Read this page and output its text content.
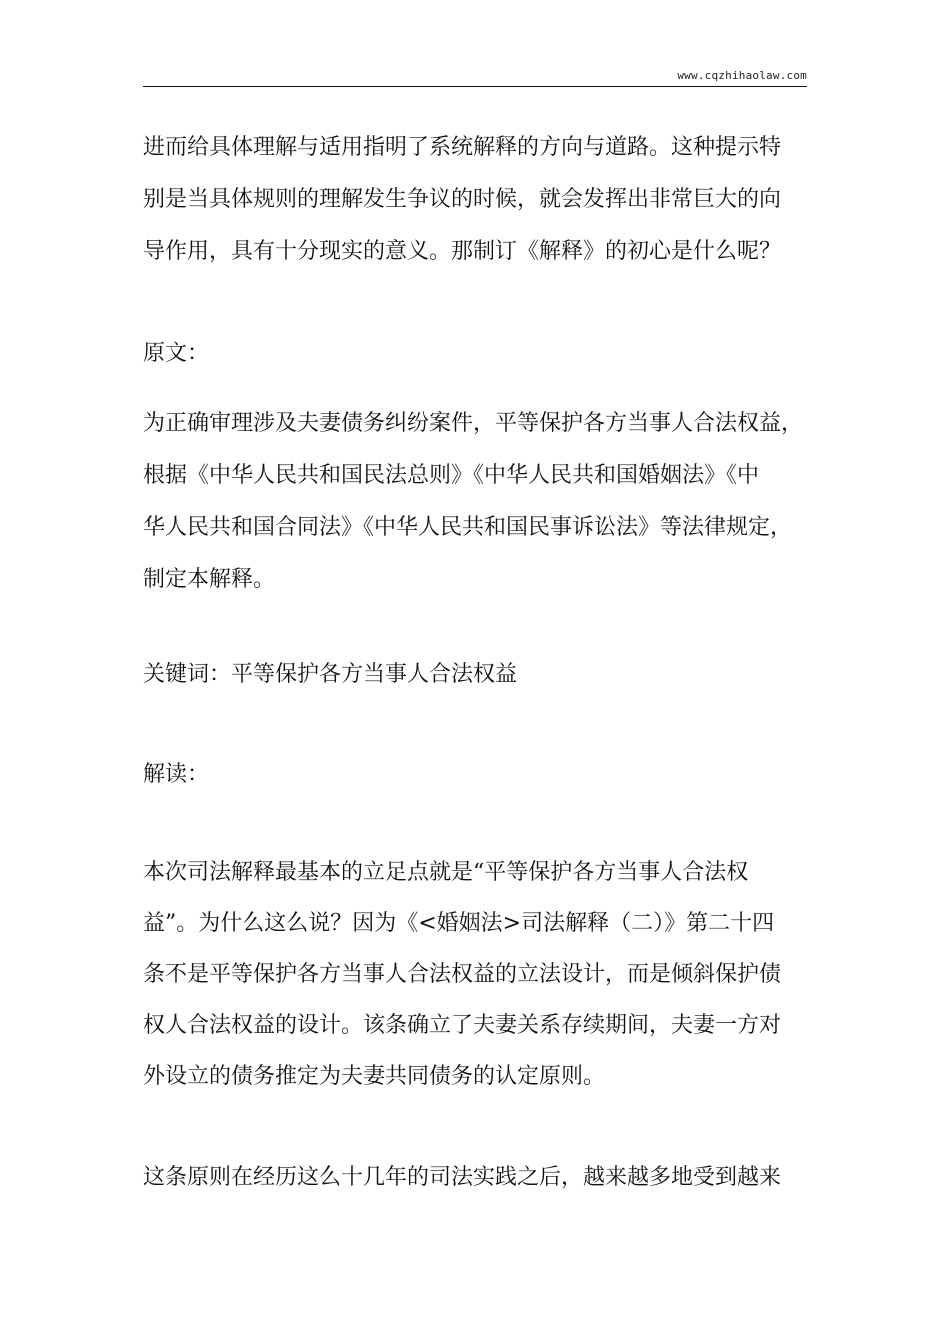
www.cqzhihaolaw.com
进而给具体理解与适用指明了系统解释的方向与道路。这种提示特
别是当具体规则的理解发生争议的时候，就会发挥出非常巨大的向
导作用，具有十分现实的意义。那制订《解释》的初心是什么呢？
原文：
为正确审理涉及夫妻债务纠纷案件，平等保护各方当事人合法权益，
根据《中华人民共和国民法总则》《中华人民共和国婚姻法》《中
华人民共和国合同法》《中华人民共和国民事诉讼法》等法律规定，
制定本解释。
关键词：平等保护各方当事人合法权益
解读：
本次司法解释最基本的立足点就是“平等保护各方当事人合法权
益”。为什么这么说？因为《<婚姻法>司法解释（二）》第二十四
条不是平等保护各方当事人合法权益的立法设计，而是倾斜保护债
权人合法权益的设计。该条确立了夫妻关系存续期间，夫妻一方对
外设立的债务推定为夫妻共同债务的认定原则。
这条原则在经历这么十几年的司法实践之后，越来越多地受到越来
